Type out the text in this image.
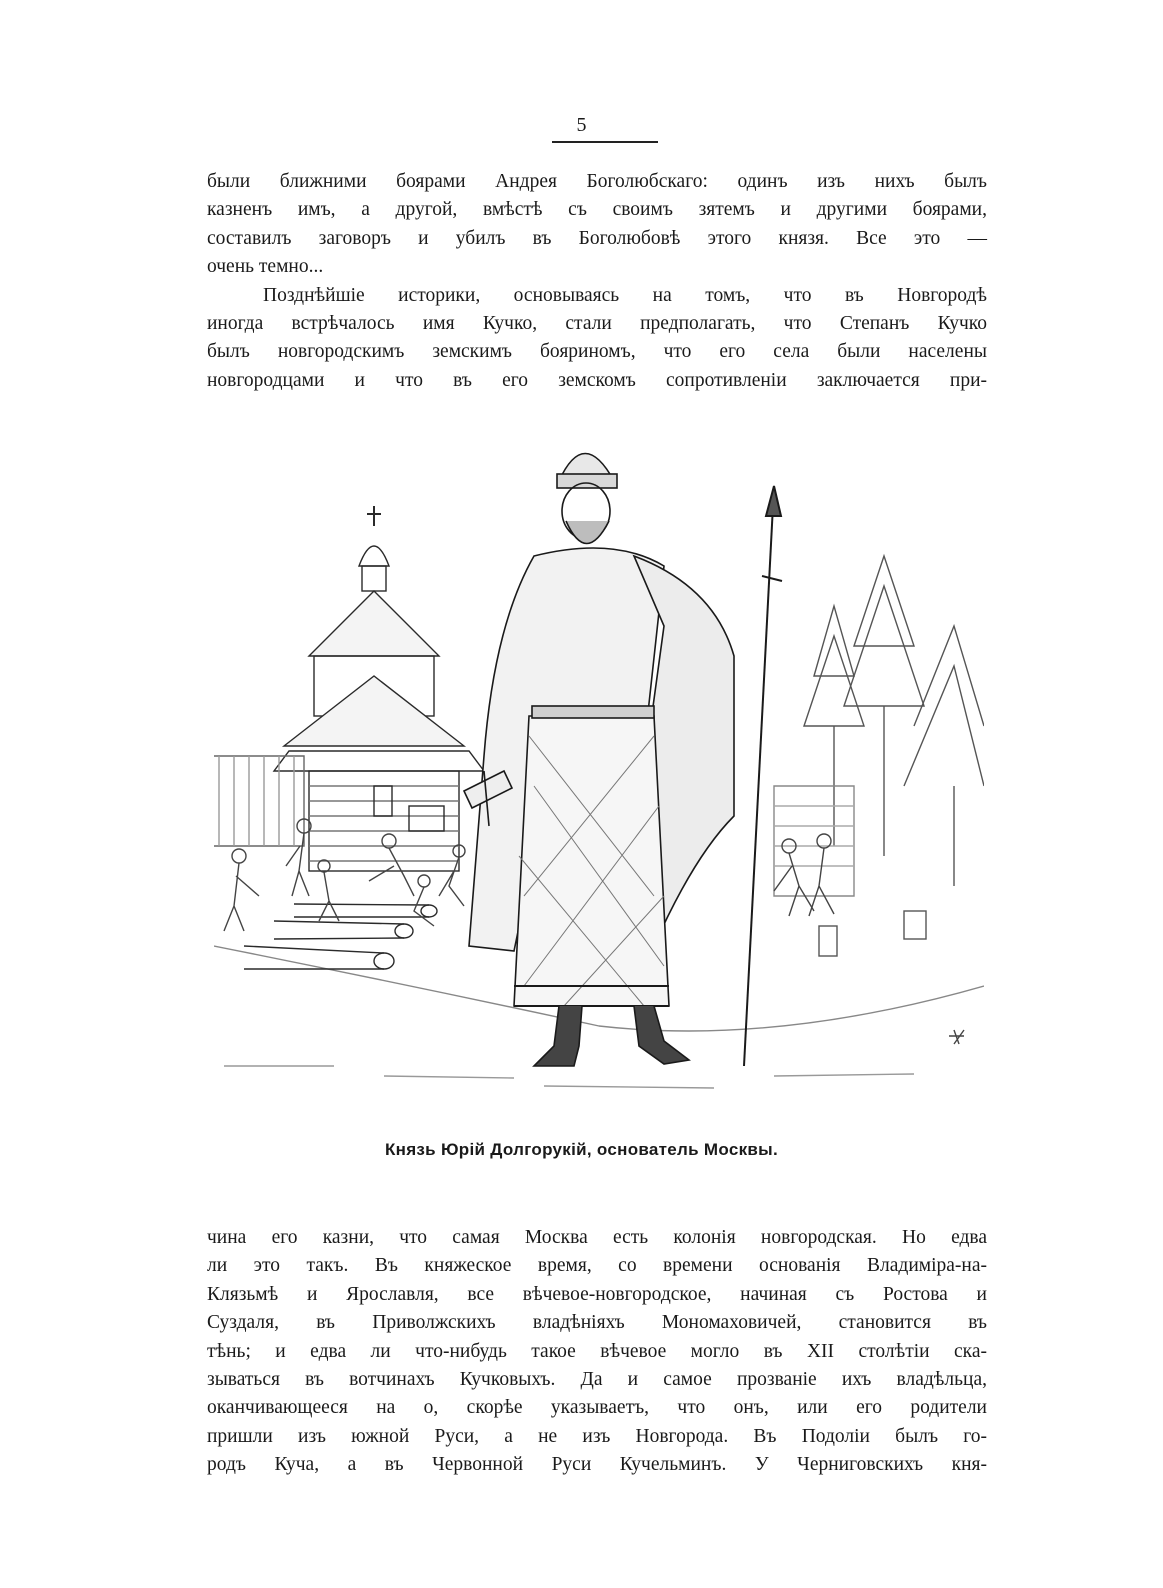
5
были ближними боярами Андрея Боголюбскаго: одинъ изъ нихъ былъ
казненъ имъ, а другой, вмѣстѣ съ своимъ зятемъ и другими боярами,
составилъ заговоръ и убилъ въ Боголюбовѣ этого князя. Все это —
очень темно...
Позднѣйшіе историки, основываясь на томъ, что въ Новгородѣ
иногда встрѣчалось имя Кучко, стали предполагать, что Степанъ Кучко
былъ новгородскимъ земскимъ бояриномъ, что его села были населены
новгородцами и что въ его земскомъ сопротивленіи заключается при-
Князь Юрій Долгорукій, основатель Москвы.
чина его казни, что самая Москва есть колонія новгородская. Но едва
ли это такъ. Въ княжеское время, со времени основанія Владиміра-на-
Клязьмѣ и Ярославля, все вѣчевое-новгородское, начиная съ Ростова и
Суздаля, въ Приволжскихъ владѣніяхъ Мономаховичей, становится въ
тѣнь; и едва ли что-нибудь такое вѣчевое могло въ XII столѣтіи ска-
зываться въ вотчинахъ Кучковыхъ. Да и самое прозваніе ихъ владѣльца,
оканчивающееся на о, скорѣе указываетъ, что онъ, или его родители
пришли изъ южной Руси, а не изъ Новгорода. Въ Подоліи былъ го-
родъ Куча, а въ Червонной Руси Кучельминъ. У Черниговскихъ кня-
